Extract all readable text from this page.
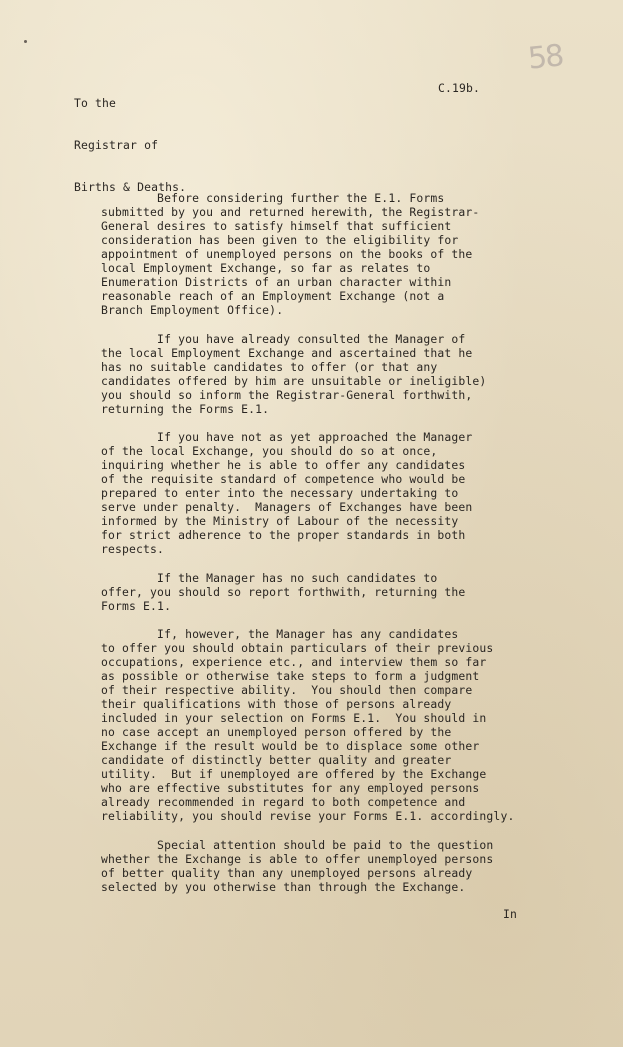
58

To the

Registrar of

Births & Deaths.

C.19b.
Before considering further the E.1. Forms
submitted by you and returned herewith, the Registrar-
General desires to satisfy himself that sufficient
consideration has been given to the eligibility for
appointment of unemployed persons on the books of the
local Employment Exchange, so far as relates to
Enumeration Districts of an urban character within
reasonable reach of an Employment Exchange (not a
Branch Employment Office).
If you have already consulted the Manager of
the local Employment Exchange and ascertained that he
has no suitable candidates to offer (or that any
candidates offered by him are unsuitable or ineligible)
you should so inform the Registrar-General forthwith,
returning the Forms E.1.
If you have not as yet approached the Manager
of the local Exchange, you should do so at once,
inquiring whether he is able to offer any candidates
of the requisite standard of competence who would be
prepared to enter into the necessary undertaking to
serve under penalty.  Managers of Exchanges have been
informed by the Ministry of Labour of the necessity
for strict adherence to the proper standards in both
respects.
If the Manager has no such candidates to
offer, you should so report forthwith, returning the
Forms E.1.
If, however, the Manager has any candidates
to offer you should obtain particulars of their previous
occupations, experience etc., and interview them so far
as possible or otherwise take steps to form a judgment
of their respective ability.  You should then compare
their qualifications with those of persons already
included in your selection on Forms E.1.  You should in
no case accept an unemployed person offered by the
Exchange if the result would be to displace some other
candidate of distinctly better quality and greater
utility.  But if unemployed are offered by the Exchange
who are effective substitutes for any employed persons
already recommended in regard to both competence and
reliability, you should revise your Forms E.1. accordingly.
Special attention should be paid to the question
whether the Exchange is able to offer unemployed persons
of better quality than any unemployed persons already
selected by you otherwise than through the Exchange.
In
